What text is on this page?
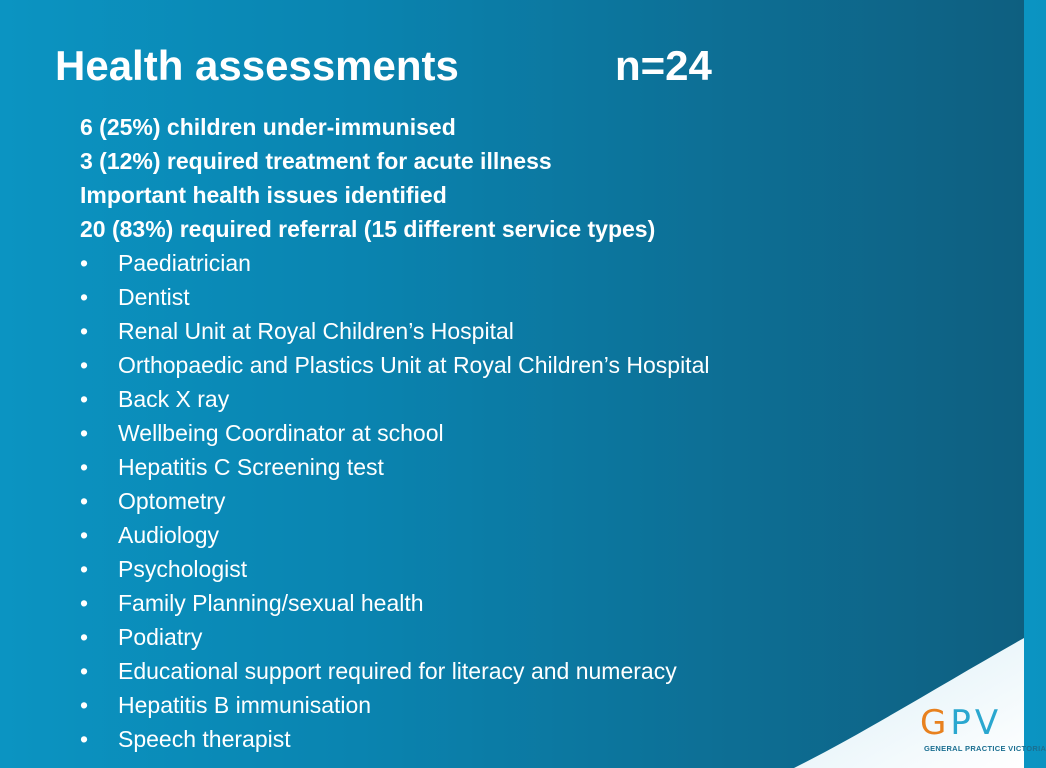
Health assessments	n=24
6 (25%) children under-immunised
3 (12%) required treatment for acute illness
Important health issues identified
20 (83%) required referral (15 different service types)
• Paediatrician
• Dentist
• Renal Unit at Royal Children’s Hospital
• Orthopaedic and Plastics Unit at Royal Children’s Hospital
• Back X ray
• Wellbeing Coordinator at school
• Hepatitis C Screening test
• Optometry
• Audiology
• Psychologist
• Family Planning/sexual health
• Podiatry
• Educational support required for literacy and numeracy
• Hepatitis B immunisation
• Speech therapist	GPV
GENERAL PRACTICE VICTORIA
